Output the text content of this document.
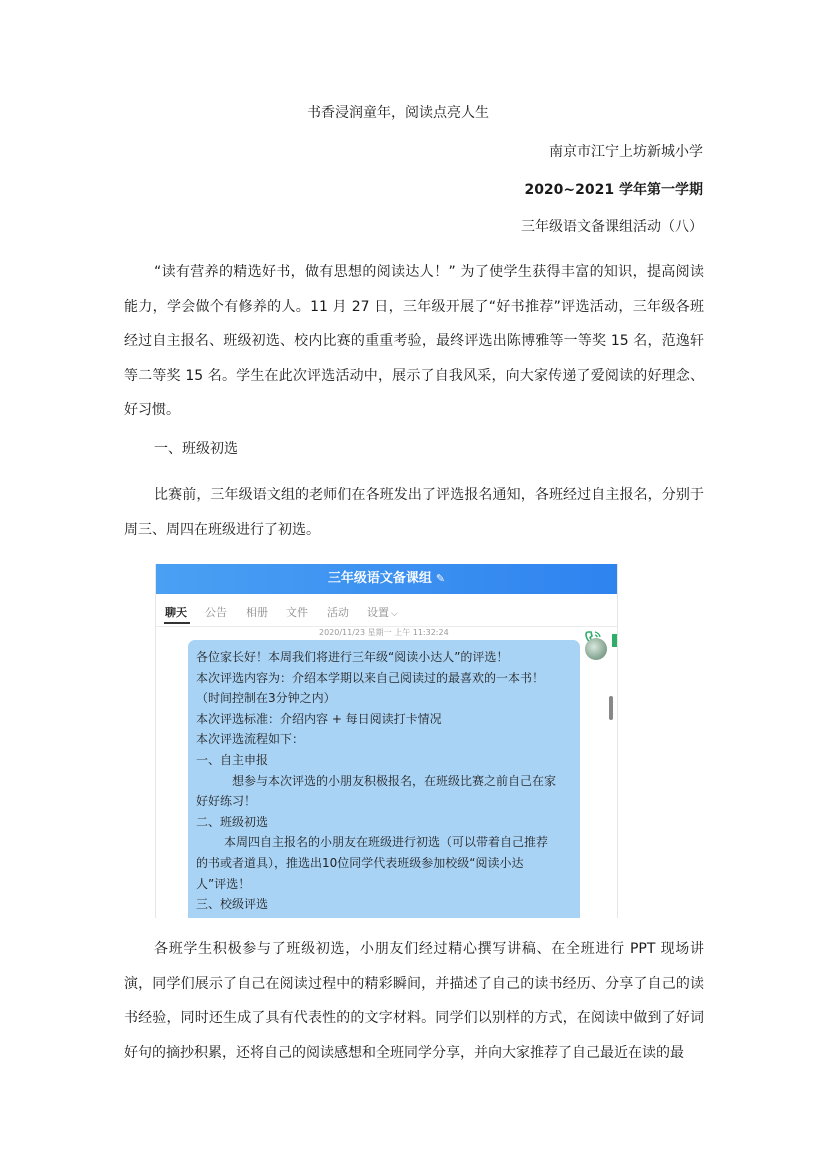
书香浸润童年，阅读点亮人生
南京市江宁上坊新城小学
2020~2021 学年第一学期
三年级语文备课组活动（八）
“读有营养的精选好书，做有思想的阅读达人！” 为了使学生获得丰富的知识，提高阅读能力，学会做个有修养的人。11 月 27 日，三年级开展了“好书推荐”评选活动，三年级各班经过自主报名、班级初选、校内比赛的重重考验，最终评选出陈博雅等一等奖 15 名，范逸轩等二等奖 15 名。学生在此次评选活动中，展示了自我风采，向大家传递了爱阅读的好理念、好习惯。
一、班级初选
比赛前，三年级语文组的老师们在各班发出了评选报名通知，各班经过自主报名，分别于周三、周四在班级进行了初选。
三年级语文备课组 ✎
聊天 公告 相册 文件 活动 设置 ⌵
2020/11/23 星期一 上午 11:32:24
各位家长好！本周我们将进行三年级“阅读小达人”的评选！
本次评选内容为：介绍本学期以来自己阅读过的最喜欢的一本书！
（时间控制在3分钟之内）
本次评选标准：介绍内容 + 每日阅读打卡情况
本次评选流程如下：
一、自主申报
想参与本次评选的小朋友积极报名，在班级比赛之前自己在家
好好练习！
二、班级初选
本周四自主报名的小朋友在班级进行初选（可以带着自己推荐
的书或者道具），推选出10位同学代表班级参加校级“阅读小达
人”评选！
三、校级评选
各班学生积极参与了班级初选，小朋友们经过精心撰写讲稿、在全班进行 PPT 现场讲演，同学们展示了自己在阅读过程中的精彩瞬间，并描述了自己的读书经历、分享了自己的读书经验，同时还生成了具有代表性的的文字材料。同学们以别样的方式，在阅读中做到了好词好句的摘抄积累，还将自己的阅读感想和全班同学分享，并向大家推荐了自己最近在读的最
